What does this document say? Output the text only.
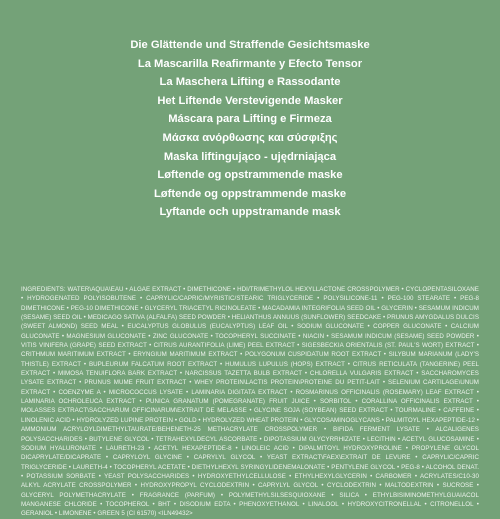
Die Glättende und Straffende Gesichtsmaske
La Mascarilla Reafirmante y Efecto Tensor
La Maschera Lifting e Rassodante
Het Liftende Verstevigende Masker
Máscara para Lifting e Firmeza
Μάσκα ανόρθωσης και σύσφιξης
Maska liftingująco - ujędrniająca
Løftende og opstrammende maske
Løftende og oppstrammende maske
Lyftande och uppstramande mask
INGREDIENTS: WATER\AQUA\EAU • ALGAE EXTRACT • DIMETHICONE • HDI/TRIMETHYLOL HEXYLLACTONE CROSSPOLYMER • CYCLOPENTASILOXANE • HYDROGENATED POLYISOBUTENE • CAPRYLIC/CAPRIC/MYRISTIC/STEARIC TRIGLYCERIDE • POLYSILICONE-11 • PEG-100 STEARATE • PEG-8 DIMETHICONE • PEG-10 DIMETHICONE • GLYCERYL TRIACETYL RICINOLEATE • MACADAMIA INTEGRIFOLIA SEED OIL • GLYCERIN • SESAMUM INDICUM (SESAME) SEED OIL • MEDICAGO SATIVA (ALFALFA) SEED POWDER • HELIANTHUS ANNUUS (SUNFLOWER) SEEDCAKE • PRUNUS AMYGDALUS DULCIS (SWEET ALMOND) SEED MEAL • EUCALYPTUS GLOBULUS (EUCALYPTUS) LEAF OIL • SODIUM GLUCONATE • COPPER GLUCONATE • CALCIUM GLUCONATE • MAGNESIUM GLUCONATE • ZINC GLUCONATE • TOCOPHERYL SUCCINATE • NIACIN • SESAMUM INDICUM (SESAME) SEED POWDER • VITIS VINIFERA (GRAPE) SEED EXTRACT • CITRUS AURANTIFOLIA (LIME) PEEL EXTRACT • SIGESBECKIA ORIENTALIS (ST. PAUL'S WORT) EXTRACT • CRITHMUM MARITIMUM EXTRACT • ERYNGIUM MARITIMUM EXTRACT • POLYGONUM CUSPIDATUM ROOT EXTRACT • SILYBUM MARIANUM (LADY'S THISTLE) EXTRACT • BUPLEURUM FALCATUM ROOT EXTRACT • HUMULUS LUPULUS (HOPS) EXTRACT • CITRUS RETICULATA (TANGERINE) PEEL EXTRACT • MIMOSA TENUIFLORA BARK EXTRACT • NARCISSUS TAZETTA BULB EXTRACT • CHLORELLA VULGARIS EXTRACT • SACCHAROMYCES LYSATE EXTRACT • PRUNUS MUME FRUIT EXTRACT • WHEY PROTEIN\LACTIS PROTEIN\PROTEINE DU PETIT-LAIT • SELENIUM CARTILAGE\UNUM EXTRACT • COENZYME A • MICROCOCCUS LYSATE • LAMINARIA DIGITATA EXTRACT • ROSMARINUS OFFICINALIS (ROSEMARY) LEAF EXTRACT • LAMINARIA OCHROLEUCA EXTRACT • PUNICA GRANATUM (POMEGRANATE) FRUIT JUICE • SORBITOL • CORALLINA OFFICINALIS EXTRACT • MOLASSES EXTRACT\SACCHARUM OFFICINARUM\EXTRAIT DE MELASSE • GLYCINE SOJA (SOYBEAN) SEED EXTRACT • TOURMALINE • CAFFEINE • LINOLENIC ACID • HYDROLYZED LUPINE PROTEIN • GOLD • HYDROLYZED WHEAT PROTEIN • GLYCOSAMINOGLYCANS • PALMITOYL HEXAPEPTIDE-12 • AMMONIUM ACRYLOYLDIMETHYLTAURATE/BEHENETH-25 METHACRYLATE CROSSPOLYMER • BIFIDA FERMENT LYSATE • ALCALIGENES POLYSACCHARIDES • BUTYLENE GLYCOL • TETRAHEXYLDECYL ASCORBATE • DIPOTASSIUM GLYCYRRHIZATE • LECITHIN • ACETYL GLUCOSAMINE • SODIUM HYALURONATE • LAURETH-23 • ACETYL HEXAPEPTIDE-8 • LINOLEIC ACID • DIPALMITOYL HYDROXYPROLINE • PROPYLENE GLYCOL DICAPRYLATE/DICAPRATE • CAPRYLOYL GLYCINE • CAPRYLYL GLYCOL • YEAST EXTRACT\FAEX\EXTRAIT DE LEVURE • CAPRYLIC/CAPRIC TRIGLYCERIDE • LAURETH-4 • TOCOPHERYL ACETATE • DIETHYLHEXYL SYRINGYLIDENEMALONATE • PENTYLENE GLYCOL • PEG-8 • ALCOHOL DENAT. • POTASSIUM SORBATE • YEAST POLYSACCHARIDES • HYDROXYETHYLCELLULOSE • ETHYLHEXYLGLYCERIN • CARBOMER • ACRYLATES/C10-30 ALKYL ACRYLATE CROSSPOLYMER • HYDROXYPROPYL CYCLODEXTRIN • CAPRYLYL GLYCOL • CYCLODEXTRIN • MALTODEXTRIN • SUCROSE • GLYCERYL POLYMETHACRYLATE • FRAGRANCE (PARFUM) • POLYMETHYLSILSESQUIOXANE • SILICA • ETHYLBISIMINOMETHYLGUAIACOL MANGANESE CHLORIDE • TOCOPHEROL • BHT • DISODIUM EDTA • PHENOXYETHANOL • LINALOOL • HYDROXYCITRONELLAL • CITRONELLOL • GERANIOL • LIMONENE • GREEN 5 (CI 61570) <ILN49432>
